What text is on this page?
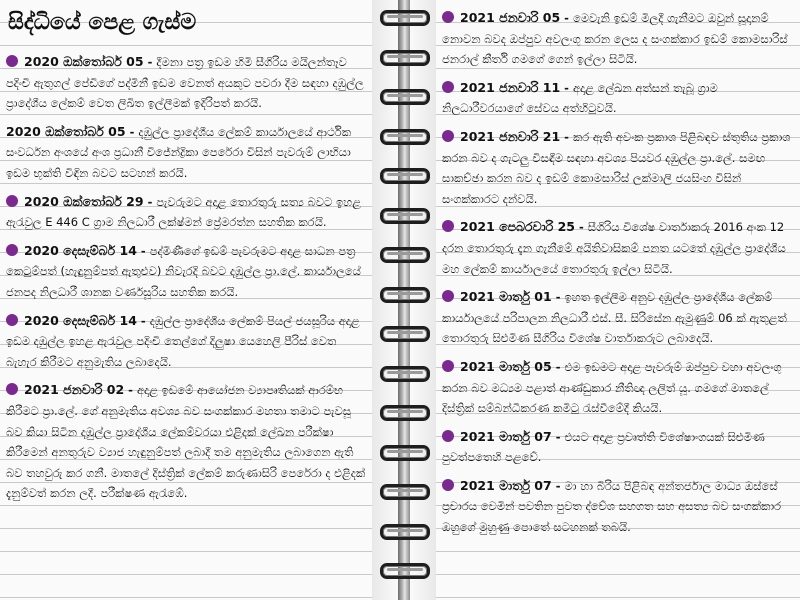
සිද්ධියේ පෙළ ගැස්ම
2020 ඔක්තෝබර් 05 - දීමනා පත්‍ර ඉඩම හිමි සීගිරිය මයිලන්තෑව පදිංචි ඇතුගල් පේඩිගේ පද්මිනී ඉඩම වෙනත් අයකුට පවරා දීම සඳහා දඹුල්ල ප්‍රාදේශීය ලේකම් වෙත ලිඛිත ඉල්ලීමක් ඉදිරිපත් කරයි.
2020 ඔක්තෝබර් 05 - දඹුල්ල ප්‍රාදේශීය ලේකම් කාර්යාලයේ ආර්ථික සංවර්ධන අංශයේ අංශ ප්‍රධානී විජේන්ද්‍රිකා පෙරේරා විසින් පැවරුම් ලාභියා ඉඩම භුක්ති විඳින බවට සටහන් කරයි.
2020 ඔක්තෝබර් 29 - පැවරුමට අදාළ තොරතුරු සත්‍ය බවට ඉහළ ඇරැවුල E 446 C ග්‍රාම නිලධාරී ලක්ෂ්මන් ප්‍රේමරත්න සහතික කරයි.
2020 දෙසැම්බර් 14 - පද්මිණීගේ ඉඩම් පැවරුමට අදාළ සාධන පත්‍ර කෙටුම්පත් (හැඳුනුම්පත් ඇතුළුව) නිවැරදි බවට දඹුල්ල ප්‍රා.ලේ. කාර්යාලයේ ජනපද නිලධාරී ශානක වර්ණසූරිය සහතික කරයි.
2020 දෙසැම්බර් 14 - දඹුල්ල ප්‍රාදේශීය ලේකම් පියල් ජයසූරිය අදාළ ඉඩම දඹුල්ල ඉහළ ඇරැවුල පදිංචි තෙල්ගේ දිලුෂා යෙහෙලි පීරිස් වෙත බැහැර කිරීමට අනුමැතිය ලබාදෙයි.
2021 ජනවාරි 02 - අදාළ ඉඩමේ ආයෝජන ව්‍යාපෘතියක් ආරම්භ කිරීමට ප්‍රා.ලේ. ගේ අනුමැතිය අවශ්‍ය බව සංගක්කාර මහතා තමාට පැවසූ බව කියා සිටින දඹුල්ල ප්‍රාදේශීය ලේකම්වරයා එළිදක්‍ ලේඛන පරීක්ෂා කිරීමෙන් අනතුරුව ව්‍යාජ හැඳුනුම්පත් ලබාදී තම අනුමැතිය ලබාගෙන ඇති බව තහවුරු කර ගනී. මාතලේ දිස්ත්‍රික් ලේකම් කරුණාසිරි පෙරේරා ද එළිදක්‍ දැනුම්වත් කරන ලදී. පරීක්ෂණ ඇරැඹේ.
2021 ජනවාරි 05 - මෙවැනි ඉඩම් මිලදී ගැනීමට ඔවුන් සූදානම් නොවන බවද ඔප්පුව අවලංගු කරන ලෙස ද සංගක්කාර ඉඩම් කොමසාරිස් ජනරාල් කීර්ති ගමගේ ගෙන් ඉල්ලා සිටියි.
2021 ජනවාරි 11 - අදාළ ලේඛන අත්සන් තැබූ ග්‍රාම නිලධාරීවරයාගේ සේවය අත්හිටුවයි.
2021 ජනවාරි 21 - කර ඇති අවංක ප්‍රකාශ පිළිබඳව ස්තුතිය ප්‍රකාශ කරන බව ද ගැටලු විසඳීම සඳහා අවශ්‍ය පියවර දඹුල්ල ප්‍රා.ලේ. සමඟ සාකච්ඡා කරන බව ද ඉඩම් කොමසාරිස් ලක්මාලි ජයසිංහ විසින් සංගක්කාරට දන්වයි.
2021 පෙබරවාරි 25 - සීගිරිය විශේෂ වාර්තාකරු 2016 අංක 12 දරන තොරතුරු දැන ගැනීමේ අයිතිවාසිකම් පනත යටතේ දඹුල්ල ප්‍රාදේශීය මහ ලේකම් කාර්යාලයේ තොරතුරු ඉල්ලා සිටියි.
2021 මාර්තු 01 - ඉහත ඉල්ලීම අනුව දඹුල්ල ප්‍රාදේශීය ලේකම් කාර්යාලයේ පරිපාලන නිලධාරී එස්. සී. සිරිසේන ඇමුණුම් 06 ක් ඇතුළත් තොරතුරු සිළුමිණ සීගිරිය විශේෂ වාර්තාකරුට ලබාදෙයි.
2021 මාර්තු 05 - එම ඉඩමට අදාළ පැවරුම් ඔප්පුව වහා අවලංගු කරන බව මධ්‍යම පළාත් ආණ්ඩුකාර නීතිඥ ලලිත් යූ. ගමගේ මාතලේ දිස්ත්‍රික් සම්බන්ධීකරණ කමිටු රැස්වීමේදී කියයි.
2021 මාර්තු 07 - එයට අදාළ ප්‍රවෘත්ති විශේෂාංගයක් සිළුමිණ පුවත්පතෙහි පළවේ.
2021 මාර්තු 07 - මා හා බිරිය පිළිබඳ අන්තර්ජාල මාධ්‍ය ඔස්සේ ප්‍රචාරය වෙමින් පවතින පුවත ද්වේශ සහගත සහ අසත්‍ය බව සංගක්කාර ඔහුගේ මුහුණු පොතේ සටහනක් තබයි.
